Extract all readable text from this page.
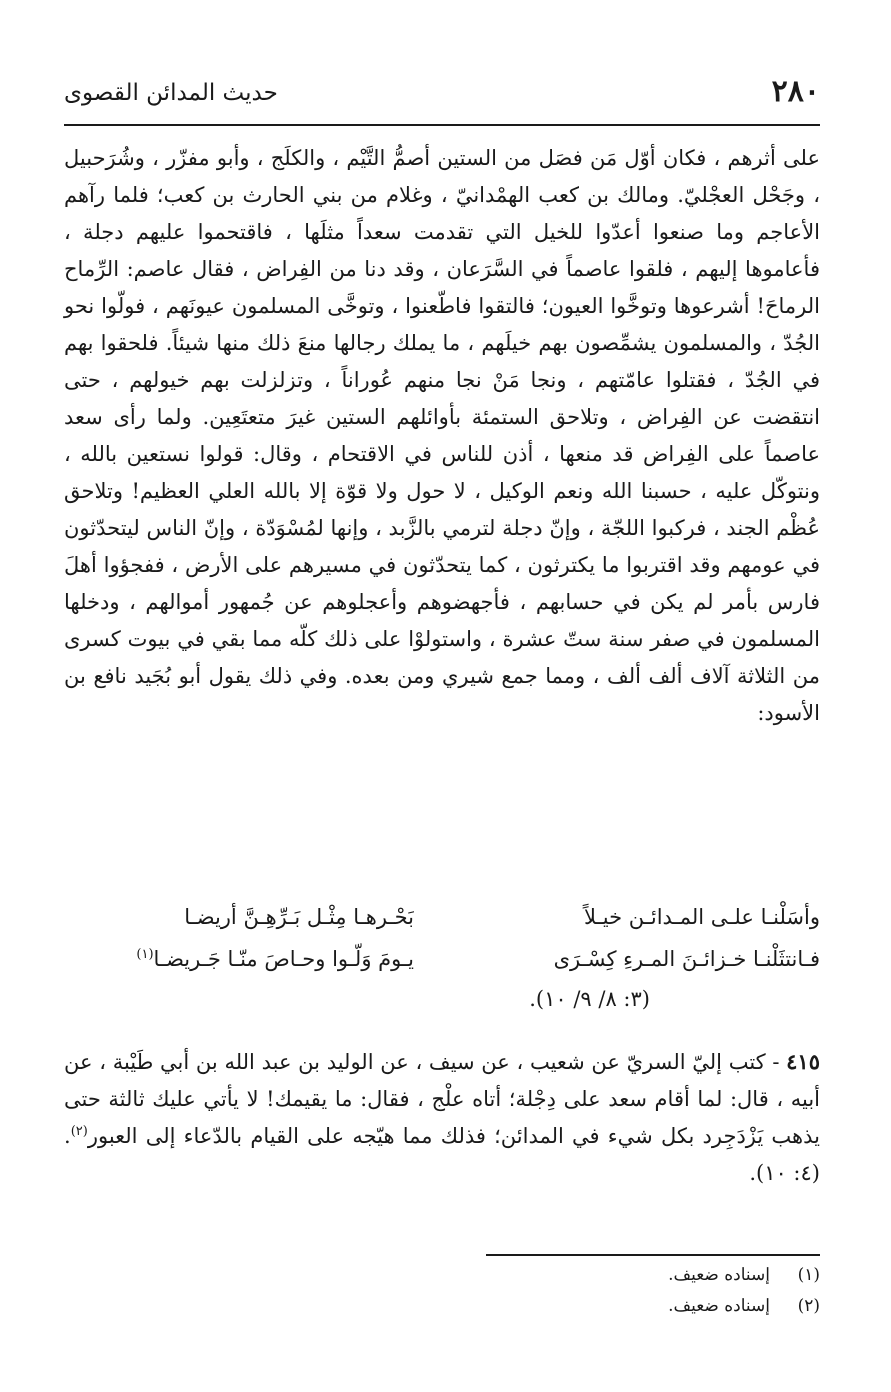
٢٨٠
حديث المدائن القصوى

على أثرهم ، فكان أوّل مَن فصَل من الستين أصمُّ التَّيْم ، والكلَج ، وأبو مفزّر ، وشُرَحبيل ، وجَحْل العجْليّ. ومالك بن كعب الهمْدانيّ ، وغلام من بني الحارث بن كعب؛ فلما رآهم الأعاجم وما صنعوا أعدّوا للخيل التي تقدمت سعداً مثلَها ، فاقتحموا عليهم دجلة ، فأعاموها إليهم ، فلقوا عاصماً في السَّرَعان ، وقد دنا من الفِراض ، فقال عاصم: الرِّماح الرماحَ! أشرعوها وتوخَّوا العيون؛ فالتقوا فاطّعنوا ، وتوخَّى المسلمون عيونَهم ، فولّوا نحو الجُدّ ، والمسلمون يشمِّصون بهم خيلَهم ، ما يملك رجالها منعَ ذلك منها شيئاً. فلحقوا بهم في الجُدّ ، فقتلوا عامّتهم ، ونجا مَنْ نجا منهم عُوراناً ، وتزلزلت بهم خيولهم ، حتى انتقضت عن الفِراض ، وتلاحق الستمئة بأوائلهم الستين غيرَ متعتَعِين. ولما رأى سعد عاصماً على الفِراض قد منعها ، أذن للناس في الاقتحام ، وقال: قولوا نستعين بالله ، ونتوكّل عليه ، حسبنا الله ونعم الوكيل ، لا حول ولا قوّة إلا بالله العلي العظيم! وتلاحق عُظْم الجند ، فركبوا اللجّة ، وإنّ دجلة لترمي بالزَّبد ، وإنها لمُسْوَدّة ، وإنّ الناس ليتحدّثون في عومهم وقد اقتربوا ما يكترثون ، كما يتحدّثون في مسيرهم على الأرض ، ففجؤوا أهلَ فارس بأمر لم يكن في حسابهم ، فأجهضوهم وأعجلوهم عن جُمهور أموالهم ، ودخلها المسلمون في صفر سنة ستّ عشرة ، واستولوْا على ذلك كلّه مما بقي في بيوت كسرى من الثلاثة آلاف ألف ألف ، ومما جمع شيري ومن بعده. وفي ذلك يقول أبو بُجَيد نافع بن الأسود:

وأسَلْنـا علـى المـدائـن خيـلاً
بَحْـرهـا مِثْـل بَـرِّهِـنَّ أريضـا
فـانتثَلْنـا خـزائـنَ المـرءِ كِسْـرَى
يـومَ وَلّـوا وحـاصَ منّـا جَـريضـا$^{(١)}$
(٣: ٨/ ٩/ ١٠).
٤١٥ - كتب إليّ السريّ عن شعيب ، عن سيف ، عن الوليد بن عبد الله بن أبي طَيْبة ، عن أبيه ، قال: لما أقام سعد على دِجْلة؛ أتاه علْج ، فقال: ما يقيمك! لا يأتي عليك ثالثة حتى يذهب يَزْدَجِرد بكل شيء في المدائن؛ فذلك مما هيّجه على القيام بالدّعاء إلى العبور$^{(٢)}$. (٤: ١٠).
(١)
إسناده ضعيف.
(٢)
إسناده ضعيف.
